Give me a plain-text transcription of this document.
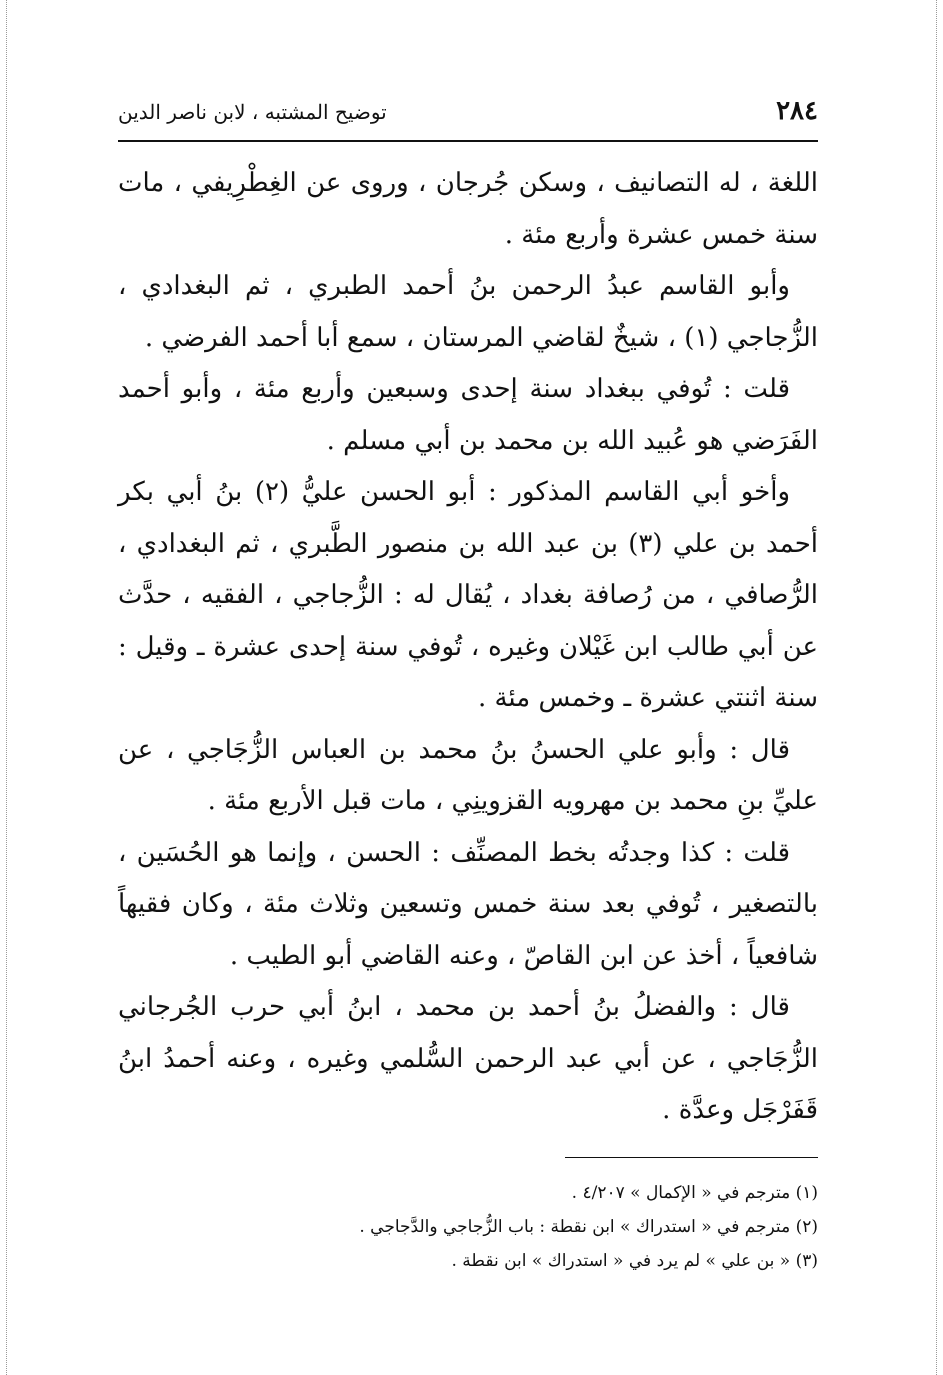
٢٨٤
توضيح المشتبه ، لابن ناصر الدين

اللغة ، له التصانيف ، وسكن جُرجان ، وروى عن الغِطْرِيفي ، مات سنة خمس عشرة وأربع مئة .

وأبو القاسم عبدُ الرحمن بنُ أحمد الطبري ، ثم البغدادي ، الزُّجاجي (١) ، شيخٌ لقاضي المرستان ، سمع أبا أحمد الفرضي .

قلت : تُوفي ببغداد سنة إحدى وسبعين وأربع مئة ، وأبو أحمد الفَرَضي هو عُبيد الله بن محمد بن أبي مسلم .

وأخو أبي القاسم المذكور : أبو الحسن عليُّ (٢) بنُ أبي بكر أحمد بن علي (٣) بن عبد الله بن منصور الطَّبري ، ثم البغدادي ، الرُّصافي ، من رُصافة بغداد ، يُقال له : الزُّجاجي ، الفقيه ، حدَّث عن أبي طالب ابن غَيْلان وغيره ، تُوفي سنة إحدى عشرة ـ وقيل : سنة اثنتي عشرة ـ وخمس مئة .

قال : وأبو علي الحسنُ بنُ محمد بن العباس الزُّجَاجي ، عن عليِّ بنِ محمد بن مهرويه القزوينِي ، مات قبل الأربع مئة .

قلت : كذا وجدتُه بخط المصنِّف : الحسن ، وإنما هو الحُسَين ، بالتصغير ، تُوفي بعد سنة خمس وتسعين وثلاث مئة ، وكان فقيهاً شافعياً ، أخذ عن ابن القاصّ ، وعنه القاضي أبو الطيب .

قال : والفضلُ بنُ أحمد بن محمد ، ابنُ أبي حرب الجُرجاني الزُّجَاجي ، عن أبي عبد الرحمن السُّلمي وغيره ، وعنه أحمدُ ابنُ قَفَرْجَل وعدَّة .

(١) مترجم في « الإكمال » ٤/٢٠٧ .

(٢) مترجم في « استدراك » ابن نقطة : باب الزُّجاجي والدَّجاجي .

(٣) « بن علي » لم يرد في « استدراك » ابن نقطة .
